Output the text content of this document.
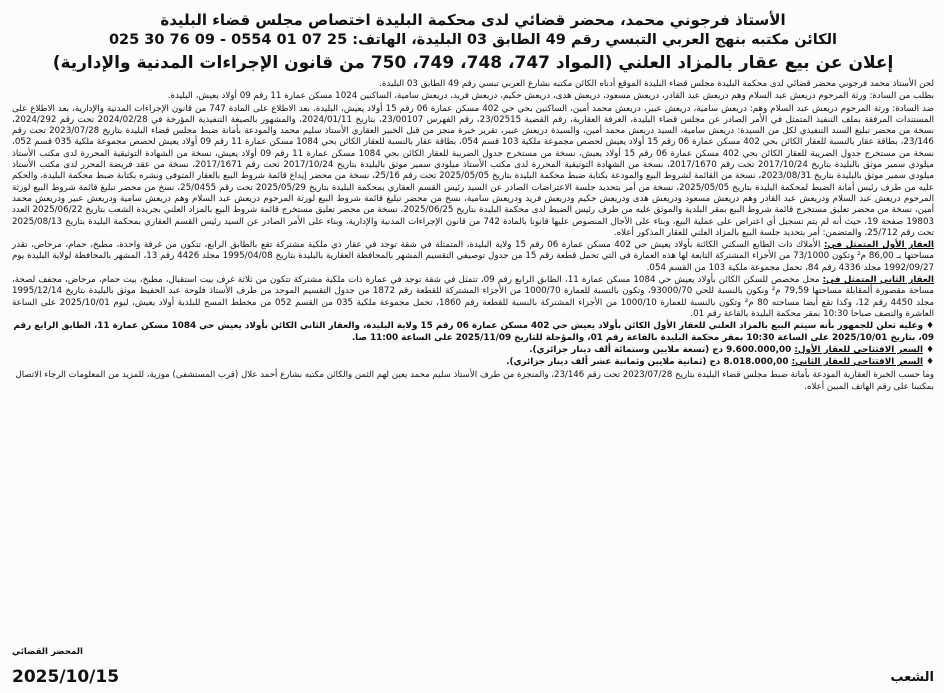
الأستاذ فرجوني محمد، محضر قضائي لدى محكمة البليدة اختصاص مجلس قضاء البليدة
الكائن مكتبه بنهج العربي التبسي رقم 49 الطابق 03 البليدة، الهاتف: 25 07 01 0554 - 09 76 30 025
إعلان عن بيع عقار بالمزاد العلني (المواد 747، 748، 749، 750 من قانون الإجراءات المدنية والإدارية)

لحن الأستاذ محمد فرجوني محضر قضائي لدى محكمة البليدة مجلس قضاء البليدة الموقع أدناه الكائن مكتبه بشارع العربي تبسي رقم 49 الطابق 03 البليدة.

بطلب من السادة: ورثة المرحوم دريعش عبد السلام وهم دريعش عبد القادر، دريعش مسعود، دريعش هدى، دريعش حكيم، دريعش فريد، دريعش سامية، الساكنين 1024 مسكن عمارة 11 رقم 09 أولاد يعيش، البليدة.

ضد السادة: ورثة المرحوم دريعش عبد السلام وهم: دريعش سامية، دريعش عبير، دريعش محمد أمين، الساكنين بحي حي 402 مسكن عمارة 06 رقم 15 أولاد يعيش، البليدة. بعد الاطلاع على المادة 747 من قانون الإجراءات المدنية والإدارية، بعد الاطلاع على المستندات المرفقة بملف التنفيذ المتمثل في الأمر الصادر عن مجلس قضاء البليدة، الغرفة العقارية، رقم القضية 23/02515، رقم الفهرس 23/00107، بتاريخ 2024/01/11، والمشهور بالصيغة التنفيذية المؤرخة في 2024/02/28 تحت رقم 2024/292، نسخة من محضر تبليغ السند التنفيذي لكل من السيدة: دريعش سامية، السيد دريعش محمد أمين، والسيدة دريعش عبير، تقرير خبرة منجز من قبل الخبير العقاري الأستاذ سليم محمد والمودعة بأمانة ضبط مجلس قضاء البليدة بتاريخ 2023/07/28 تحت رقم 23/146، بطاقة عقار بالنسبة للعقار الكائن بحي 402 مسكن عمارة 06 رقم 15 أولاد يعيش لحصص مجموعة ملكية 103 قسم 054، بطاقة عقار بالنسبة للعقار الكائن بحي 1084 مسكن عمارة 11 رقم 09 أولاد يعيش لحصص مجموعة ملكية 035 قسم 052، نسخة من مستخرج جدول الضريبة للعقار الكائن بحي 402 مسكن عمارة 06 رقم 15 أولاد يعيش، نسخة من مستخرج جدول الضريبة للعقار الكائن بحي 1084 مسكن عمارة 11 رقم 09 أولاد يعيش، نسخة من الشهادة التوثيقية المحررة لدى مكتب الأستاذ ميلودي سمير موثق بالبليدة بتاريخ 2017/10/24 تحت رقم 2017/1670، نسخة من الشهادة التوثيقية المحررة لدى مكتب الأستاذ ميلودي سمير موثق بالبليدة بتاريخ 2017/10/24 تحت رقم 2017/1671، نسخة من عقد فريضة المحرر لدى مكتب الأستاذ ميلودي سمير موثق بالبليدة بتاريخ 2023/08/31، نسخة من القائمة لشروط البيع والمودعة بكتابة ضبط محكمة البليدة بتاريخ 2025/05/05 تحت رقم 25/16، نسخة من محضر إيداع قائمة شروط البيع بالعقار المتوفى ونشره بكتابة ضبط محكمة البليدة، والحكم عليه من طرف رئيس أمانة الضبط لمحكمة البليدة بتاريخ 2025/05/05، نسخة من أمر بتحديد جلسة الاعتراضات الصادر عن السيد رئيس القسم العقاري بمحكمة البليدة بتاريخ 2025/05/29 تحت رقم 25/0455، نسخ من محضر تبليغ قائمة شروط البيع لورثة المرحوم دريعش عبد السلام ودريعش عبد القادر وهم دريعش مسعود ودريعش هدى ودريعش حكيم ودريعش فريد ودريعش سامية، نسخ من محضر تبليغ قائمة شروط البيع لورثة المرحوم دريعش عبد السلام وهم دريعش سامية ودريعش عبير ودريعش محمد أمين، نسخة من محضر تعليق مستخرج قائمة شروط البيع بمقر البلدية والموثق عليه من طرف رئيس الضبط لدى محكمة البليدة بتاريخ 2025/06/25، نسخة من محضر تعليق مستخرج قائمة شروط البيع بالمزاد العلني بجريدة الشعب بتاريخ 2025/06/22 العدد 19803 صفحة 19، حيث أنه لم يتم تسجيل أي اعتراض على عملية البيع، وبناء على الآجال المنصوص عليها قانونا بالمادة 742 من قانون الإجراءات المدنية والإدارية، وبناء على الأمر الصادر عن السيد رئيس القسم العقاري بمحكمة البليدة بتاريخ 2025/08/13 تحت رقم 25/712، والمتضمن: أمر بتحديد جلسة البيع بالمزاد العلني للعقار المذكور أعلاه.

العقار الأول المتمثل في: الأملاك ذات الطابع السكني الكائنة بأولاد يعيش حي 402 مسكن عمارة 06 رقم 15 ولاية البليدة، المتمثلة في شقة توجد في عقار ذي ملكية مشتركة تقع بالطابق الرابع، تتكون من غرفة واحدة، مطبخ، حمام، مرحاض، تقدر مساحتها بـ 86,00 م² وتكون 73/1000 من الأجزاء المشتركة التابعة لها هذه العمارة في التي تحمل قطعة رقم 15 من جدول توصيفي التقسيم المشهر بالمحافظة العقارية بالبليدة بتاريخ 1995/04/08 مجلد 4426 رقم 13، المشهر بالمحافظة لولاية البليدة يوم 1992/09/27 مجلد 4336 رقم 84، تحمل مجموعة ملكية 103 من القسم 054.

العقار الثاني المتمثل في: محل مخصص للسكن الكائن بأولاد يعيش حي 1084 مسكن عمارة 11، الطابق الرابع رقم 09، تتمثل في شقة توجد في عمارة ذات ملكية مشتركة تتكون من ثلاثة غرف بيت استقبال، مطبخ، بيت حمام، مرحاض، مجفف لصحة، مساحة مقصورة ألمقابلة مساحتها 79,59 م² ونكون بالنسبة للحي 93000/70، وتكون بالنسبة للعمارة 1000/70 من الأجزاء المشتركة للقطعة رقم 1872 من جدول التقسيم الموحد من طرف الأستاذ فلوحة عبد الحفيظ موثق بالبليدة بتاريخ 1995/12/14 مجلد 4450 رقم 12، وكذا تقع أيضا مساحته 80 م² وتكون بالنسبة للعمارة 1000/10 من الأجزاء المشتركة بالنسبة للقطعة رقم 1860، تحمل مجموعة ملكية 035 من القسم 052 من مخطط المسح للبلدية أولاد يعيش، ليوم 2025/10/01 على الساعة العاشرة والنصف صباحا 10:30 بمقر محكمة البليدة بالقاعة رقم 01.

♦ وعليه تعلن للجمهور بأنه سيتم البيع بالمزاد العلني للعقار الأول الكائن بأولاد يعيش حي 402 مسكن عمارة 06 رقم 15 ولاية البليدة، والعقار الثاني الكائن بأولاد يعيش حي 1084 مسكن عمارة 11، الطابق الرابع رقم 09، بتاريخ 2025/10/01 على الساعة 10:30 بمقر محكمة البليدة بالقاعة رقم 01، والمؤجلة للتاريخ 2025/11/09 على الساعة 11:00 صا.

♦ السعر الافتتاحي للعقار الأول: 9.600.000,00 دج (تسعة ملايين وستمائة ألف دينار جزائري).

♦ السعر الافتتاحي للعقار الثاني: 8.018.000,00 دج (ثمانية ملايين وثمانية عشر ألف دينار جزائري).

وما حسب الخبرة العقارية المودعة بأمانة ضبط مجلس قضاء البليدة بتاريخ 2023/07/28 تحت رقم 23/146، والمنجزة من طرف الأستاذ سليم محمد يعين لهم الثمن والكائن مكتبه بشارع أحمد علال (قرب المستشفى) موزية، للمزيد من المعلومات الرجاء الاتصال بمكتبنا على رقم الهاتف المبين أعلاه.

المحضر القضائي
الشعب
2025/10/15
